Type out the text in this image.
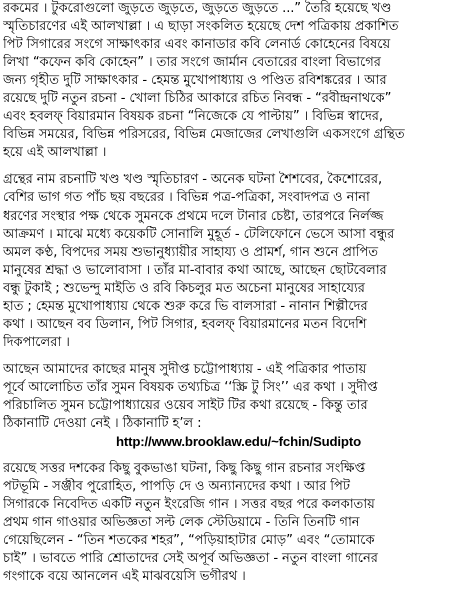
রকমের । টুকরোগুলো জুড়তে জুড়তে, জুড়তে জুড়তে ...” তৈরি হয়েছে খণ্ড
স্মৃতিচারণের এই আলখাল্লা । এ ছাড়া সংকলিত হয়েছে দেশ পত্রিকায় প্রকাশিত
পিট সিগারের সংগে সাক্ষাৎকার এবং কানাডার কবি লেনার্ড কোহেনের বিষয়ে
লিখা “কফেন কবি কোহেন” । তার সংগে জার্মান বেতারের বাংলা বিভাগের
জন্য গৃহীত দুটি সাক্ষাৎকার - হেমন্ত মুখোপাধ্যায় ও পণ্ডিত রবিশঙ্করের । আর
রয়েছে দুটি নতুন রচনা - খোলা চিঠির আকারে রচিত নিবন্ধ - “রবীন্দ্রনাথকে”
এবং হবলফ্ বিয়ারমান বিষয়ক রচনা “নিজেকে যে পাল্টায়” । বিভিন্ন স্বাদের,
বিভিন্ন সময়ের, বিভিন্ন পরিসরের, বিভিন্ন মেজাজের লেখাগুলি একসংগে গ্রন্থিত
হয়ে এই আলখাল্লা ।
গ্রন্থের নাম রচনাটি খণ্ড খণ্ড স্মৃতিচারণ - অনেক ঘটনা শৈশবের, কৈশোরের,
বেশির ভাগ গত পাঁচ ছয় বছরের । বিভিন্ন পত্র-পত্রিকা, সংবাদপত্র ও নানা
ধরণের সংস্থার পক্ষ থেকে সুমনকে প্রথমে দলে টানার চেষ্টা, তারপরে নির্লজ্জ
আক্রমণ । মাঝে মধ্যে কয়েকটি সোনালি মুহূর্ত - টেলিফোনে ভেসে আসা বন্ধুর
অমল কণ্ঠ, বিপদের সময় শুভানুধ্যায়ীর সাহায্য ও প্রামর্শ, গান শুনে প্রাপিত
মানুষের শ্রদ্ধা ও ভালোবাসা । তাঁর মা-বাবার কথা আছে, আছেন ছোটবেলার
বন্ধু টুকাই ; শুভেন্দু মাইতি ও রবি কিচলুর মত অচেনা মানুষের সাহায্যের
হাত ; হেমন্ত মুখোপাধ্যায় থেকে শুরু করে ভি বালসারা - নানান শিল্পীদের
কথা । আছেন বব ডিলান, পিট সিগার, হবলফ্ বিয়ারমানের মতন বিদেশি
দিকপালেরা ।
আছেন আমাদের কাছের মানুষ সুদীপ্ত চট্টোপাধ্যায় - এই পত্রিকার পাতায়
পূর্বে আলোচিত তাঁর সুমন বিষয়ক তথ্যচিত্র ‘‘স্ক্রি টু সিং’’ এর কথা । সুদীপ্ত
পরিচালিত সুমন চট্টোপাধ্যায়ের ওয়েব সাইট টির কথা রয়েছে - কিন্তু তার
ঠিকানাটি দেওয়া নেই । ঠিকানাটি হ’ল :
http://www.brooklaw.edu/~fchin/Sudipto
রয়েছে সত্তর দশকের কিছু বুকভাঙা ঘটনা, কিছু কিছু গান রচনার সংক্ষিপ্ত
পটভূমি - সঞ্জীব পুরোহিত, পাপড়ি দে ও অন্যান্যদের কথা । আর পিট
সিগারকে নিবেদিত একটি নতুন ইংরেজি গান । সত্তর বছর পরে কলকাতায়
প্রথম গান গাওয়ার অভিজ্ঞতা সল্ট লেক স্টেডিয়ামে - তিনি তিনটি গান
গেয়েছিলেন - “তিন শতকের শহর”, “পড়িয়াহাটার মোড়” এবং “তোমাকে
চাই” । ভাবতে পারি শ্রোতাদের সেই অপূর্ব অভিজ্ঞতা - নতুন বাংলা গানের
গংগাকে বয়ে আনলেন এই মাঝবয়েসি ভগীরথ ।
